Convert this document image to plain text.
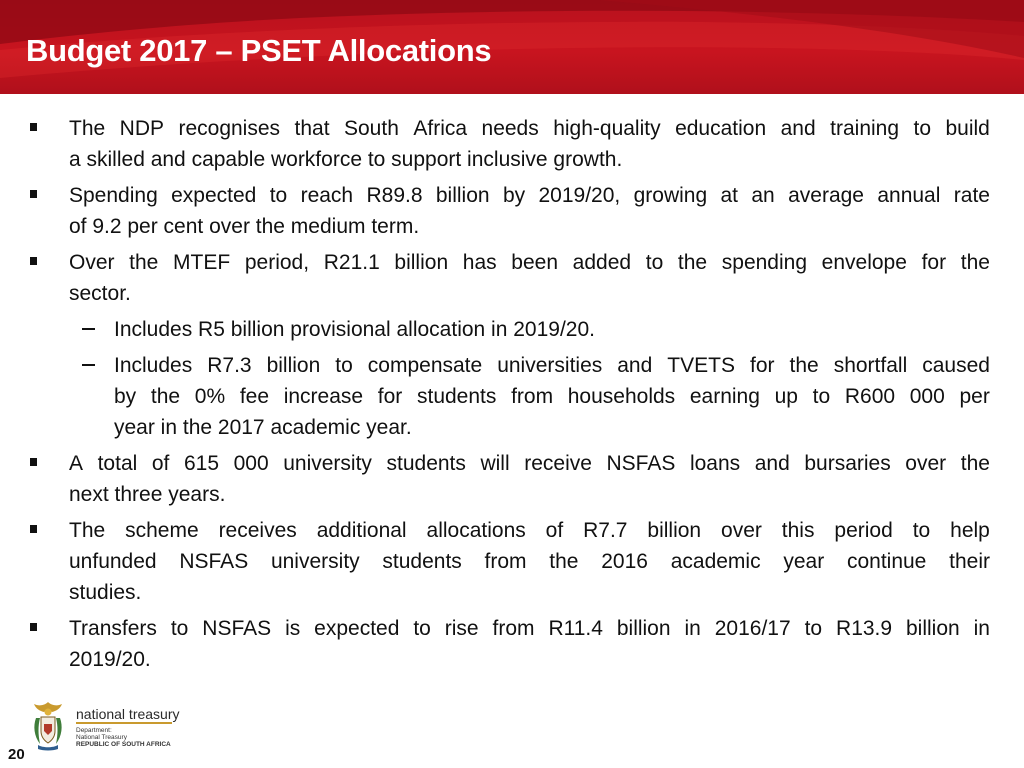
Budget 2017 – PSET Allocations
The NDP recognises that South Africa needs high-quality education and training to build
a skilled and capable workforce to support inclusive growth.
Spending expected to reach R89.8 billion by 2019/20, growing at an average annual rate
of 9.2 per cent over the medium term.
Over the MTEF period, R21.1 billion has been added to the spending envelope for the
sector.
Includes R5 billion provisional allocation in 2019/20.
Includes R7.3 billion to compensate universities and TVETS for the shortfall caused
by the 0% fee increase for students from households earning up to R600 000 per
year in the 2017 academic year.
A total of 615 000 university students will receive NSFAS loans and bursaries over the
next three years.
The scheme receives additional allocations of R7.7 billion over this period to help
unfunded NSFAS university students from the 2016 academic year continue their
studies.
Transfers to NSFAS is expected to rise from R11.4 billion in 2016/17 to R13.9 billion in
2019/20.
national treasury
Department:
National Treasury
REPUBLIC OF SOUTH AFRICA
20
